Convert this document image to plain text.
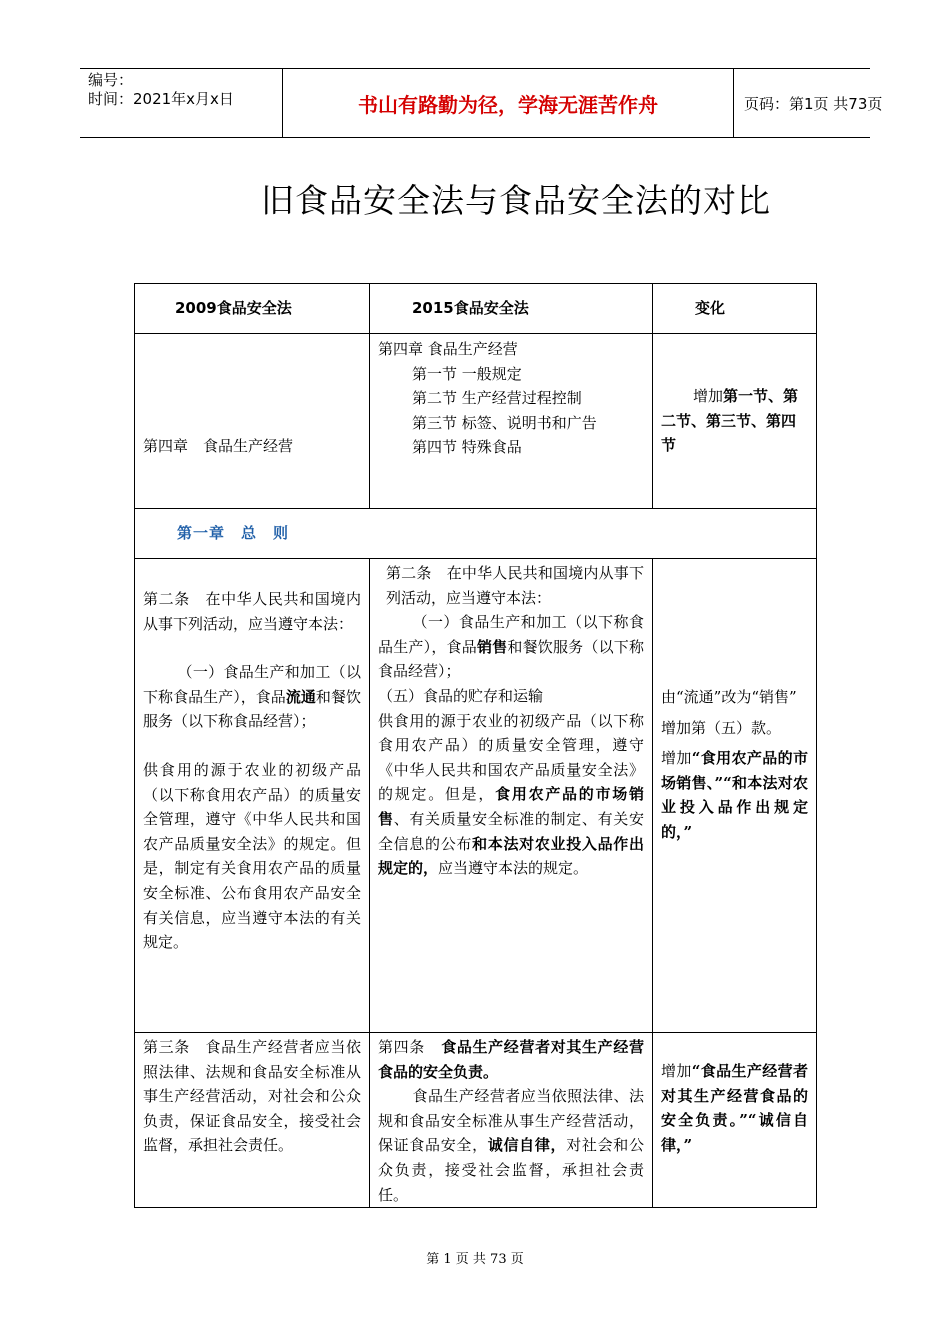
编号：
时间：2021年x月x日	书山有路勤为径，学海无涯苦作舟	页码：第1页 共73页
旧食品安全法与食品安全法的对比
2009食品安全法	2015食品安全法	变化
第四章　食品生产经营	第四章 食品生产经营
第一节 一般规定
第二节 生产经营过程控制
第三节 标签、说明书和广告
第四节 特殊食品	增加第一节、第二节、第三节、第四节
第一章　总　则		

第二条　在中华人民共和国境内从事下列活动，应当遵守本法：
（一）食品生产和加工（以下称食品生产），食品流通和餐饮服务（以下称食品经营）；
供食用的源于农业的初级产品（以下称食用农产品）的质量安全管理，遵守《中华人民共和国农产品质量安全法》的规定。但是，制定有关食用农产品的质量安全标准、公布食用农产品安全有关信息，应当遵守本法的有关规定。	第二条　在中华人民共和国境内从事下列活动，应当遵守本法：
（一）食品生产和加工（以下称食品生产），食品销售和餐饮服务（以下称食品经营）；
（五）食品的贮存和运输
供食用的源于农业的初级产品（以下称食用农产品）的质量安全管理，遵守《中华人民共和国农产品质量安全法》的规定。但是，食用农产品的市场销售、有关质量安全标准的制定、有关安全信息的公布和本法对农业投入品作出规定的，应当遵守本法的规定。	由“流通”改为“销售”
增加第（五）款。
增加“食用农产品的市场销售、”“和本法对农业投入品作出规定的，”

第三条　食品生产经营者应当依照法律、法规和食品安全标准从事生产经营活动，对社会和公众负责，保证食品安全，接受社会监督，承担社会责任。	第四条 食品生产经营者对其生产经营食品的安全负责。
食品生产经营者应当依照法律、法规和食品安全标准从事生产经营活动，保证食品安全，诚信自律，对社会和公众负责，接受社会监督，承担社会责任。	增加“食品生产经营者对其生产经营食品的安全负责。”“诚信自律，”
第 1 页 共 73 页
